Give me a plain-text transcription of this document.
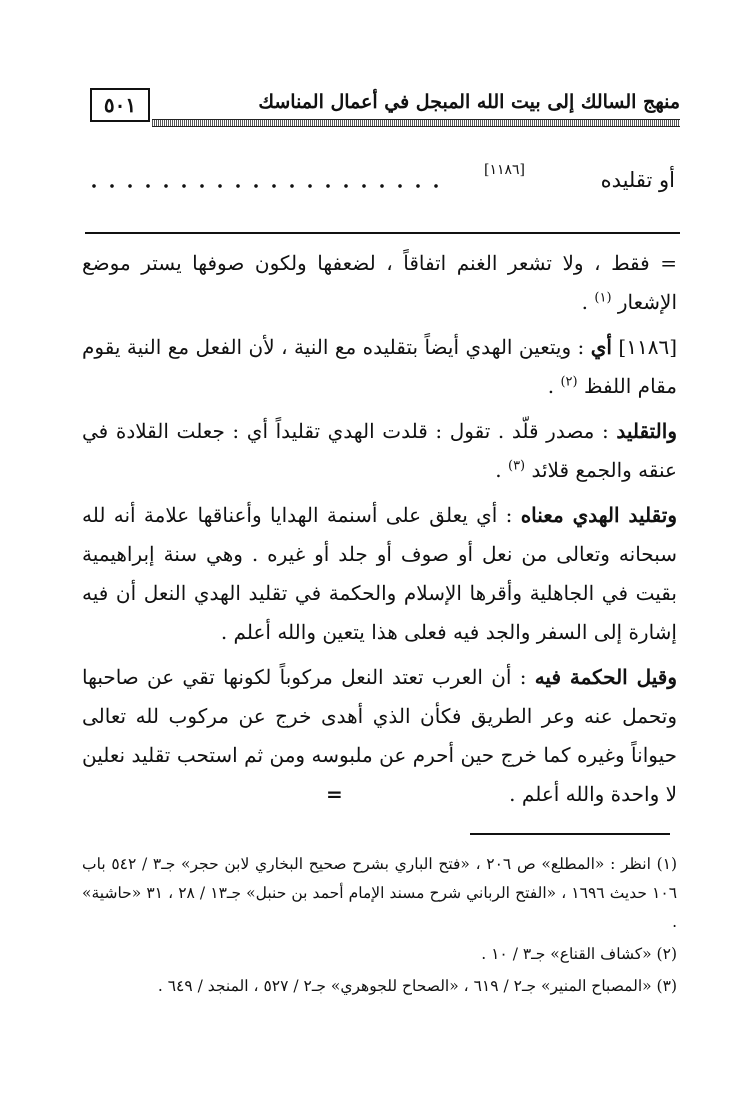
٥٠١	منهج السالك إلى بيت الله المبجل في أعمال المناسك
أو تقليده
[١١٨٦]

= فقط ، ولا تشعر الغنم اتفاقاً ، لضعفها ولكون صوفها يستر موضع الإشعار $^{(١)}$ .

[١١٨٦] أي : ويتعين الهدي أيضاً بتقليده مع النية ، لأن الفعل مع النية يقوم مقام اللفظ $^{(٢)}$ .

والتقليد : مصدر قلّد . تقول : قلدت الهدي تقليداً أي : جعلت القلادة في عنقه والجمع قلائد $^{(٣)}$ .

وتقليد الهدي معناه : أي يعلق على أسنمة الهدايا وأعناقها علامة أنه لله سبحانه وتعالى من نعل أو صوف أو جلد أو غيره . وهي سنة إبراهيمية بقيت في الجاهلية وأقرها الإسلام والحكمة في تقليد الهدي النعل أن فيه إشارة إلى السفر والجد فيه فعلى هذا يتعين والله أعلم .

وقيل الحكمة فيه : أن العرب تعتد النعل مركوباً لكونها تقي عن صاحبها وتحمل عنه وعر الطريق فكأن الذي أهدى خرج عن مركوب لله تعالى حيواناً وغيره كما خرج حين أحرم عن ملبوسه ومن ثم استحب تقليد نعلين لا واحدة والله أعلم . =

(١) انظر : «المطلع» ص ٢٠٦ ، «فتح الباري بشرح صحيح البخاري لابن حجر» جـ٣ / ٥٤٢ باب ١٠٦ حديث ١٦٩٦ ، «الفتح الرباني شرح مسند الإمام أحمد بن حنبل» جـ١٣ / ٢٨ ، ٣١ «حاشية» .

(٢) «كشاف القناع» جـ٣ / ١٠ .

(٣) «المصباح المنير» جـ٢ / ٦١٩ ، «الصحاح للجوهري» جـ٢ / ٥٢٧ ، المنجد / ٦٤٩ .
